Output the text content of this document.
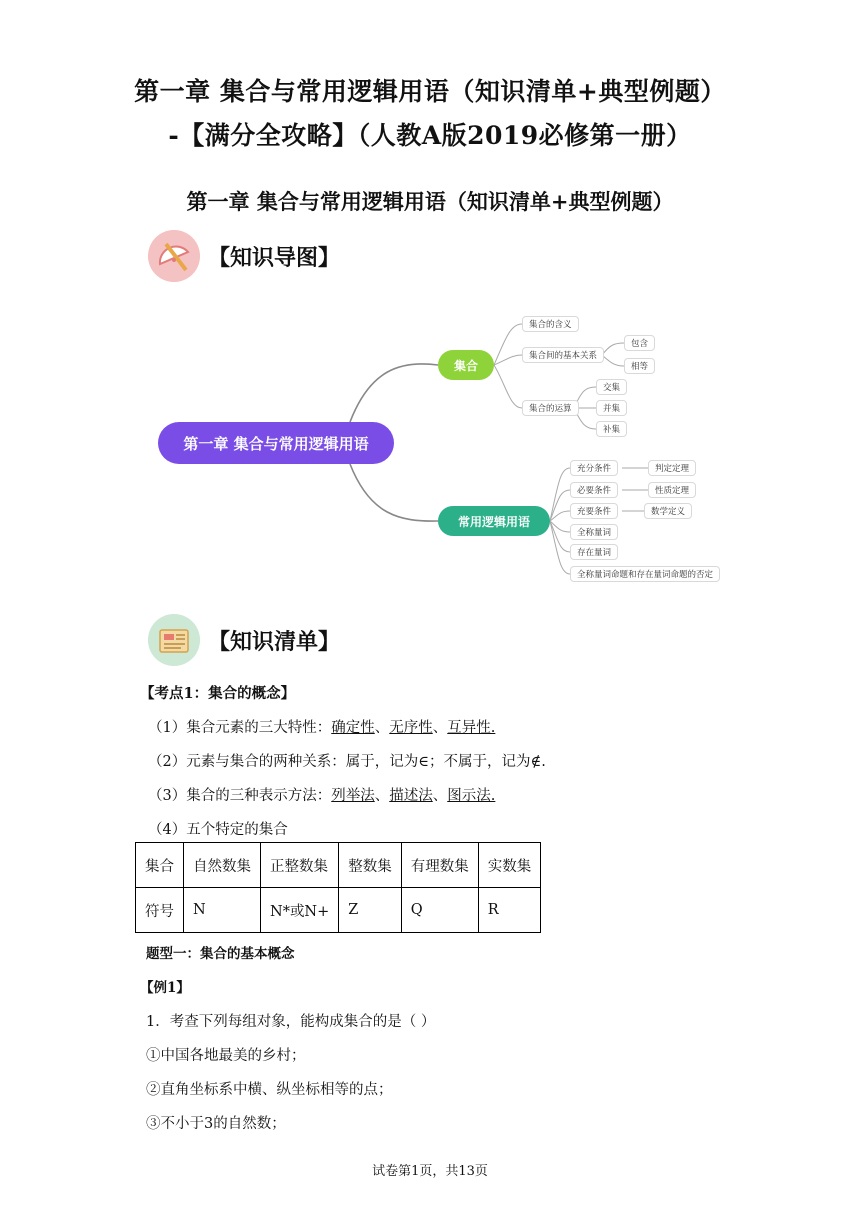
第一章 集合与常用逻辑用语（知识清单+典型例题）
-【满分全攻略】（人教A版2019必修第一册）
第一章 集合与常用逻辑用语（知识清单+典型例题）
【知识导图】
第一章 集合与常用逻辑用语
集合
常用逻辑用语
集合的含义
集合间的基本关系
集合的运算
包含
相等
交集
并集
补集
充分条件
必要条件
充要条件
全称量词
存在量词
全称量词命题和存在量词命题的否定
判定定理
性质定理
数学定义
【知识清单】
【考点1：集合的概念】
（1）集合元素的三大特性：确定性、无序性、互异性.
（2）元素与集合的两种关系：属于，记为∈；不属于，记为∉.
（3）集合的三种表示方法：列举法、描述法、图示法.
（4）五个特定的集合
集合	自然数集	正整数集	整数集	有理数集	实数集
符号	N	N*或N+	Z	Q	R
题型一：集合的基本概念
【例1】
1．考查下列每组对象，能构成集合的是（ ）
①中国各地最美的乡村；
②直角坐标系中横、纵坐标相等的点；
③不小于3的自然数；
试卷第1页，共13页
